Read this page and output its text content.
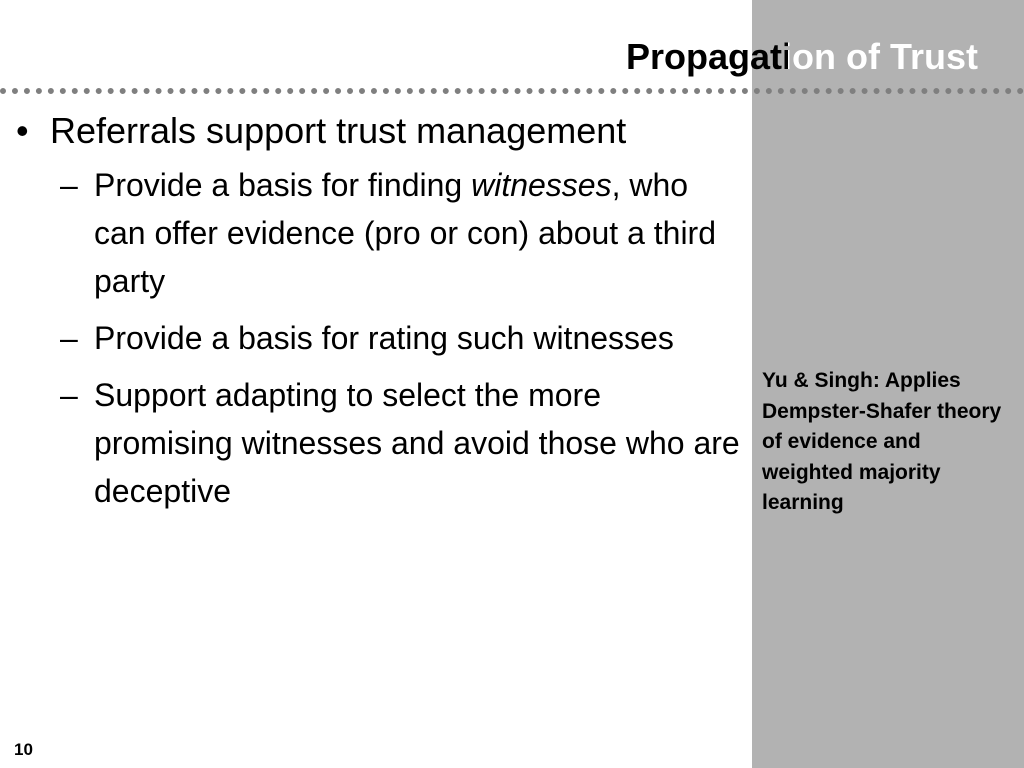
Propagation of Trust
• Referrals support trust management
– Provide a basis for finding witnesses, who can offer evidence (pro or con) about a third party
– Provide a basis for rating such witnesses
– Support adapting to select the more promising witnesses and avoid those who are deceptive

Yu & Singh: Applies Dempster-Shafer theory of evidence and weighted majority learning

10
